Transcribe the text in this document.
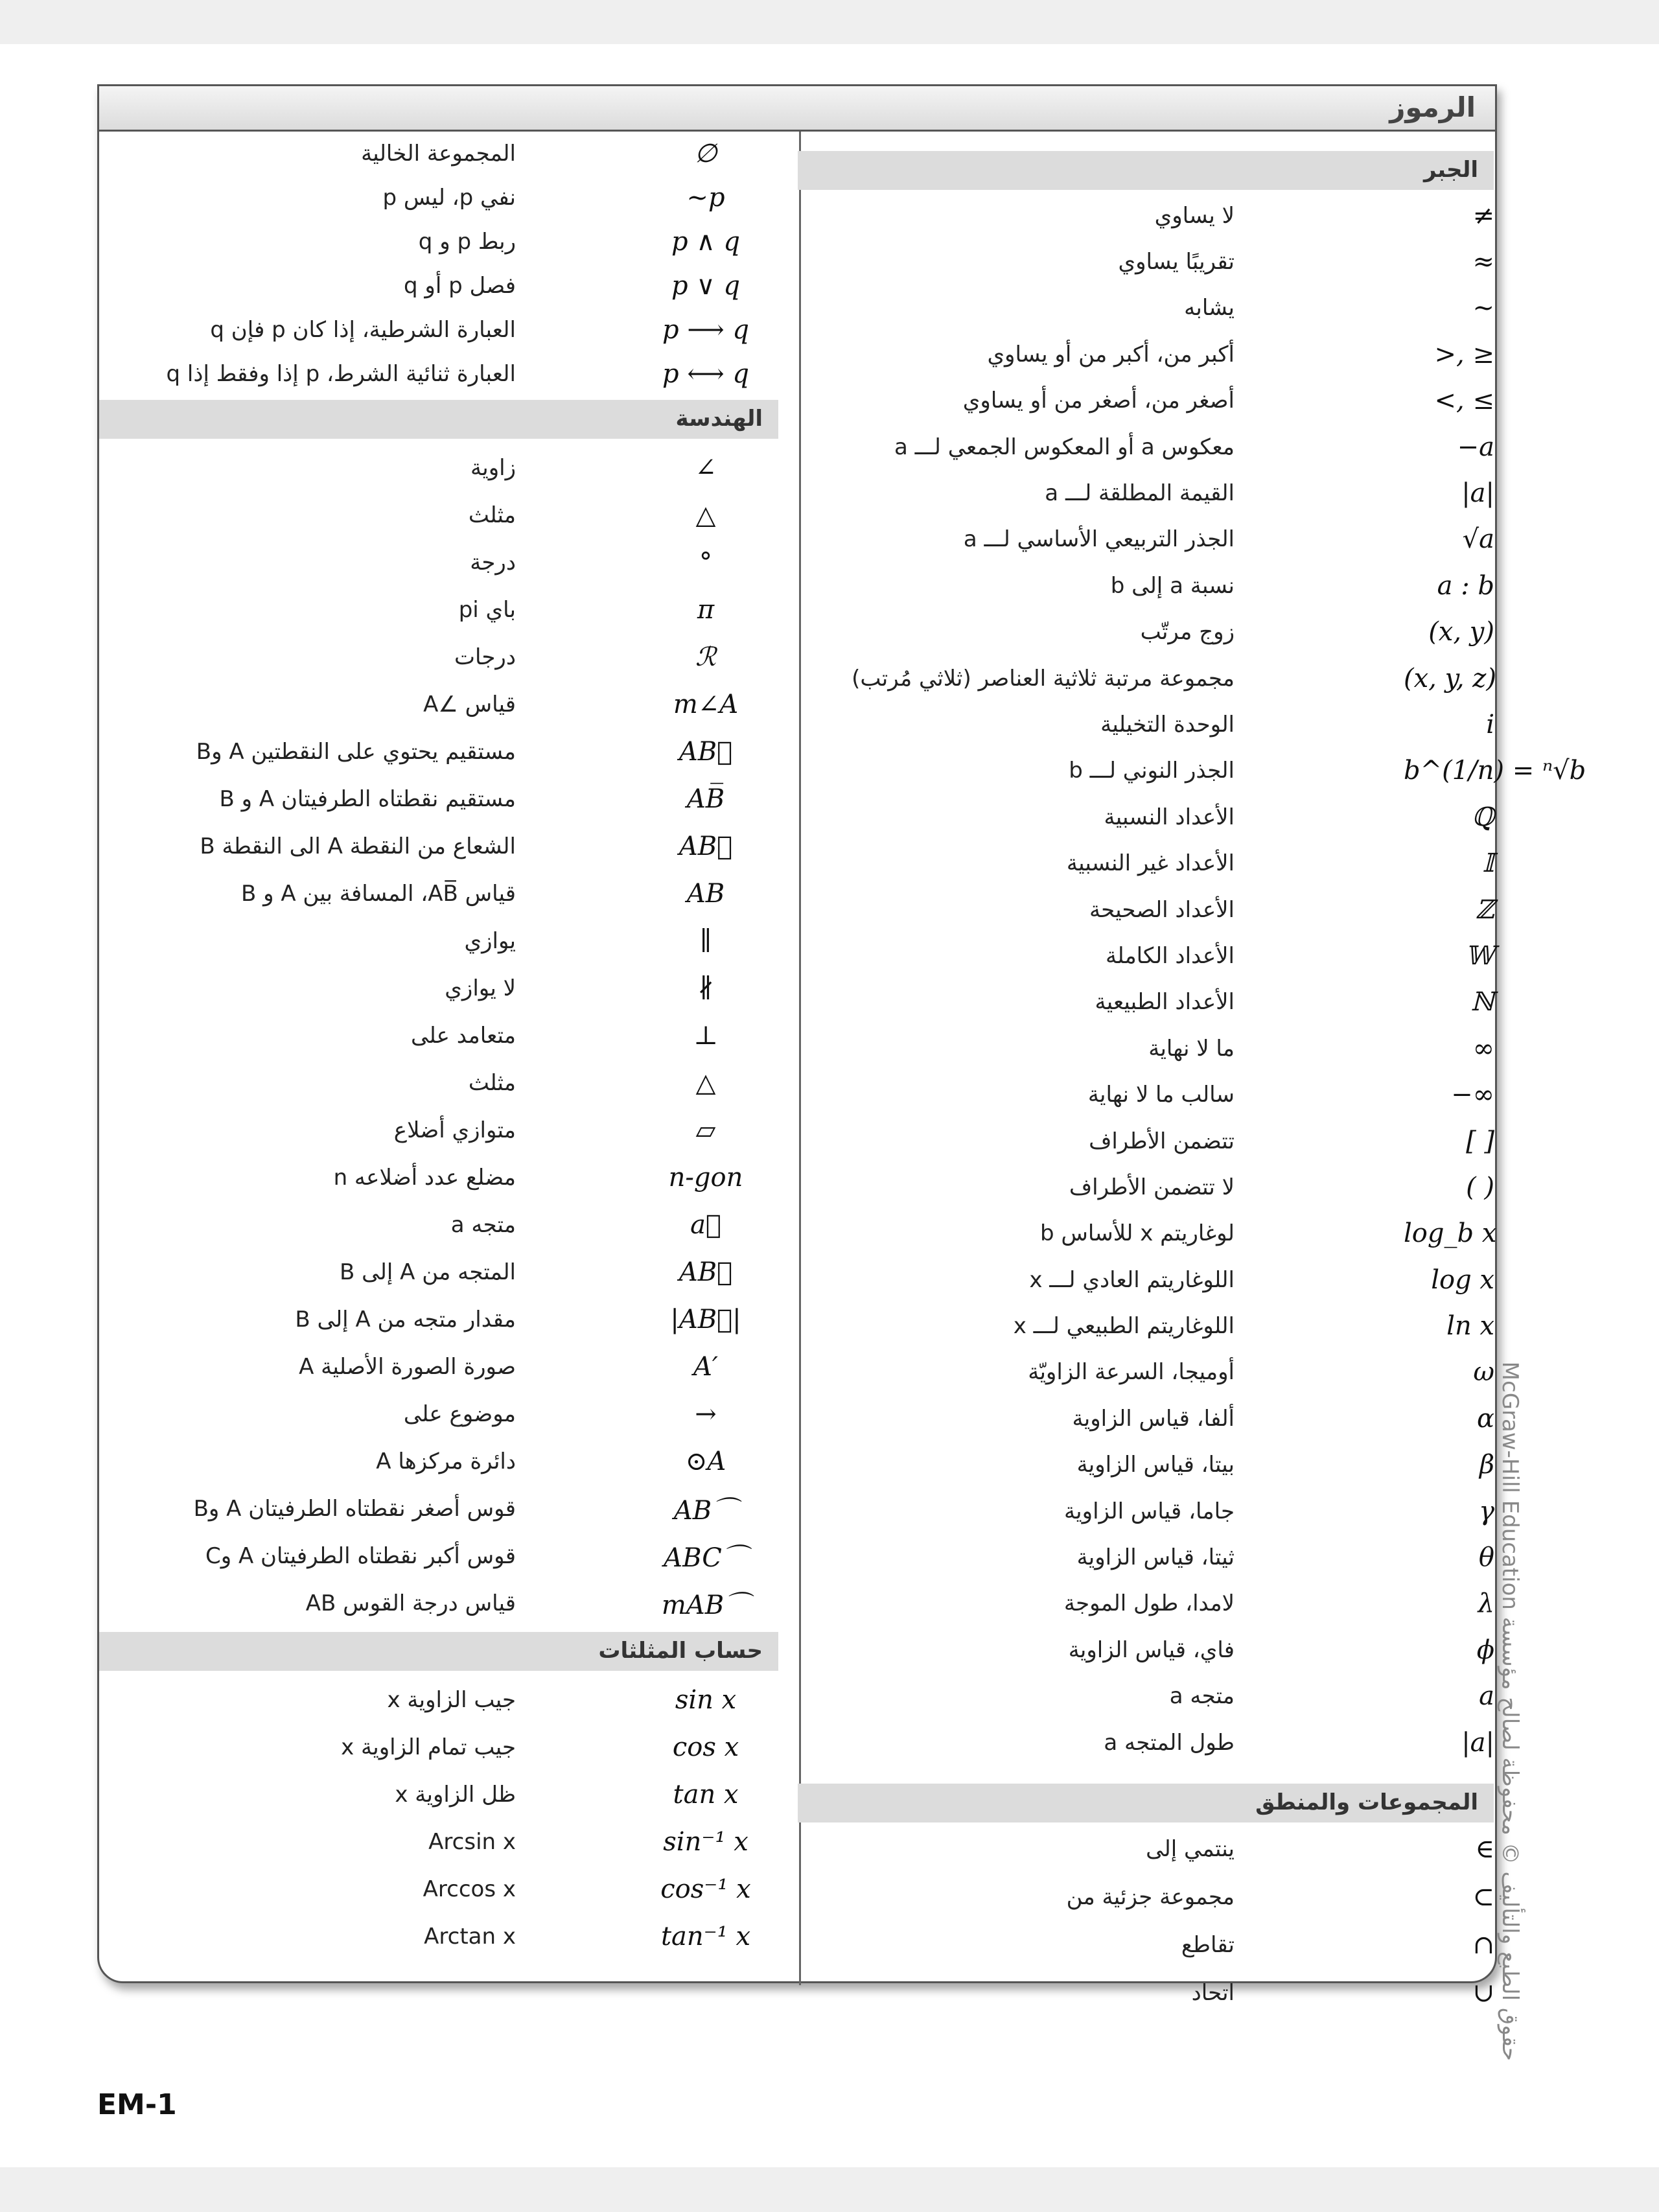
الرموز
∅
المجموعة الخالية
~p
نفي p، ليس p
p ∧ q
ربط p و q
p ∨ q
فصل p أو q
p ⟶ q
العبارة الشرطية، إذا كان p فإن q
p ⟷ q
العبارة ثنائية الشرط، p إذا وفقط إذا q
الهندسة
∠
زاوية
△
مثلث
°
درجة
π
باي pi
ℛ
درجات
m∠A
قياس ∠A
AB⃡
مستقيم يحتوي على النقطتين A وB
AB̅
مستقيم نقطتاه الطرفيتان A و B
AB⃗
الشعاع من النقطة A الى النقطة B
AB
قياس AB̅، المسافة بين A و B
∥
يوازي
∦
لا يوازي
⊥
متعامد على
△
مثلث
▱
متوازي أضلاع
n-gon
مضلع عدد أضلاعه n
a⃗
متجه a
AB⃗
المتجه من A إلى B
|AB⃗|
مقدار متجه من A إلى B
A′
صورة الصورة الأصلية A
→
موضوع على
⊙A
دائرة مركزها A
AB⌒
قوس أصغر نقطتاه الطرفيتان A وB
ABC⌒
قوس أكبر نقطتاه الطرفيتان A وC
mAB⌒
قياس درجة القوس AB
حساب المثلثات
sin x
جيب الزاوية x
cos x
جيب تمام الزاوية x
tan x
ظل الزاوية x
sin⁻¹ x
Arcsin x
cos⁻¹ x
Arccos x
tan⁻¹ x
Arctan x
الجبر
≠
لا يساوي
≈
تقريبًا يساوي
~
يشابه
>, ≥
أكبر من، أكبر من أو يساوي
<, ≤
أصغر من، أصغر من أو يساوي
−a
معكوس a أو المعكوس الجمعي لـــ a
|a|
القيمة المطلقة لـــ a
√a
الجذر التربيعي الأساسي لـــ a
a : b
نسبة a إلى b
(x, y)
زوج مرتّب
(x, y, z)
مجموعة مرتبة ثلاثية العناصر (ثلاثي مُرتب)
i
الوحدة التخيلية
b^(1/n) = ⁿ√b
الجذر النوني لـــ b
ℚ
الأعداد النسبية
𝕀
الأعداد غير النسبية
ℤ
الأعداد الصحيحة
𝕎
الأعداد الكاملة
ℕ
الأعداد الطبيعية
∞
ما لا نهاية
−∞
سالب ما لا نهاية
[ ]
تتضمن الأطراف
( )
لا تتضمن الأطراف
log_b x
لوغاريتم x للأساس b
log x
اللوغاريتم العادي لـــ x
ln x
اللوغاريتم الطبيعي لـــ x
ω
أوميجا، السرعة الزاويّة
α
ألفا، قياس الزاوية
β
بيتا، قياس الزاوية
γ
جاما، قياس الزاوية
θ
ثيتا، قياس الزاوية
λ
لامدا، طول الموجة
ϕ
فاي، قياس الزاوية
a
متجه a
|a|
طول المتجه a
المجموعات والمنطق
∈
ينتمي إلى
⊂
مجموعة جزئية من
∩
تقاطع
∪
اتحاد
حقوق الطبع والتأليف © محفوظة لصالح مؤسسة McGraw-Hill Education
EM-1
